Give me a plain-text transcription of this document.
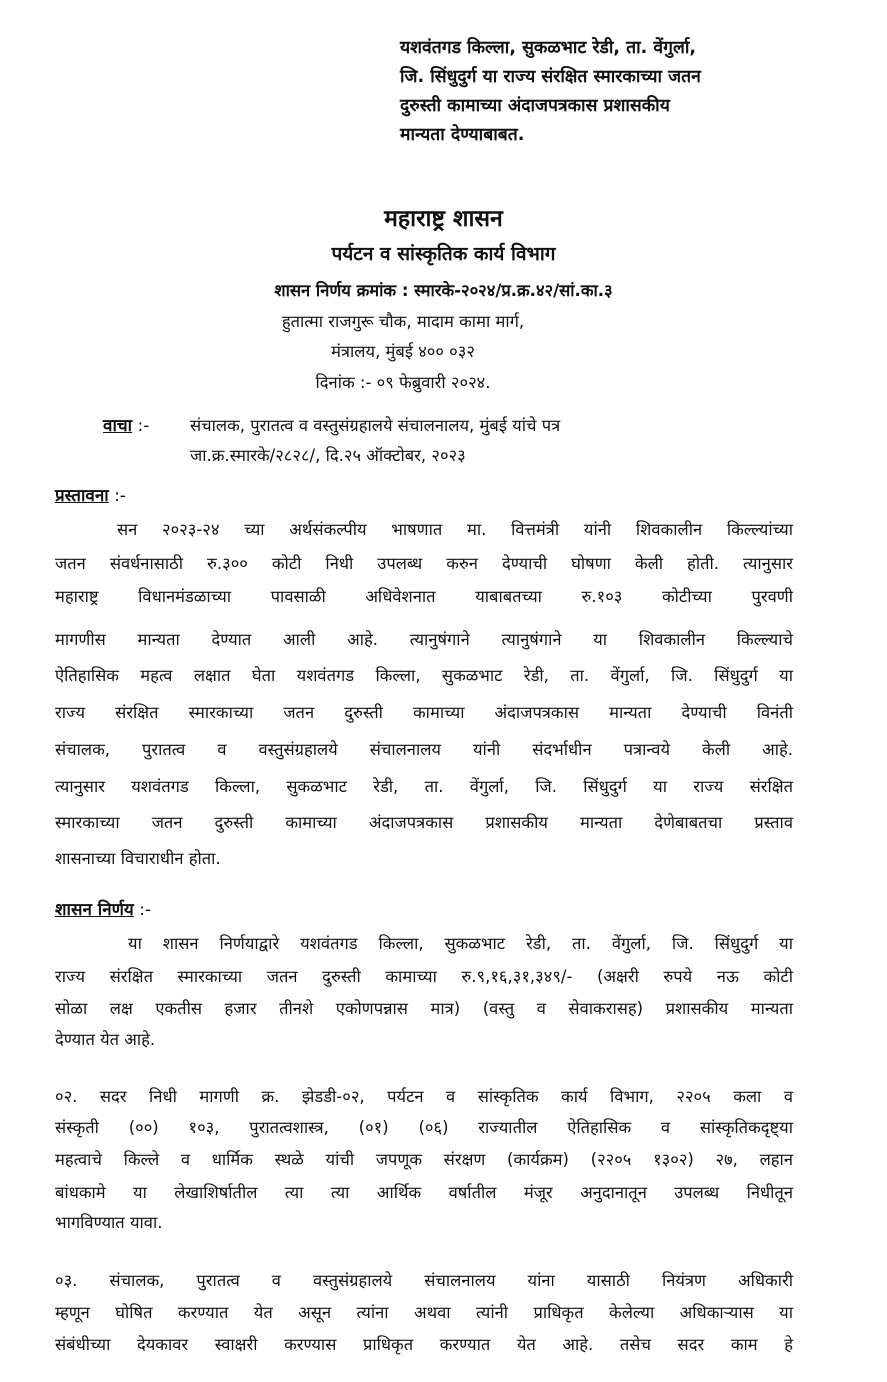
यशवंतगड किल्ला, सुकळभाट रेडी, ता. वेंगुर्ला,
जि. सिंधुदुर्ग या राज्य संरक्षित स्मारकाच्या जतन
दुरुस्ती कामाच्या अंदाजपत्रकास प्रशासकीय
मान्यता देण्याबाबत.
महाराष्ट्र शासन
पर्यटन व सांस्कृतिक कार्य विभाग
शासन निर्णय क्रमांक : स्मारके-२०२४/प्र.क्र.४२/सां.का.३
हुतात्मा राजगुरू चौक, मादाम कामा मार्ग,
मंत्रालय, मुंबई ४०० ०३२
दिनांक :- ०९ फेब्रुवारी २०२४.
वाचा :- संचालक, पुरातत्व व वस्तुसंग्रहालये संचालनालय, मुंबई यांचे पत्र
जा.क्र.स्मारके/२८२८/, दि.२५ ऑक्टोबर, २०२३
प्रस्तावना :-
सन २०२३-२४ च्या अर्थसंकल्पीय भाषणात मा. वित्तमंत्री यांनी शिवकालीन किल्ल्यांच्या
जतन संवर्धनासाठी रु.३०० कोटी निधी उपलब्ध करुन देण्याची घोषणा केली होती. त्यानुसार
महाराष्ट्र विधानमंडळाच्या पावसाळी अधिवेशनात याबाबतच्या रु.१०३ कोटीच्या पुरवणी
मागणीस मान्यता देण्यात आली आहे. त्यानुषंगाने त्यानुषंगाने या शिवकालीन किल्ल्याचे
ऐतिहासिक महत्व लक्षात घेता यशवंतगड किल्ला, सुकळभाट रेडी, ता. वेंगुर्ला, जि. सिंधुदुर्ग या
राज्य संरक्षित स्मारकाच्या जतन दुरुस्ती कामाच्या अंदाजपत्रकास मान्यता देण्याची विनंती
संचालक, पुरातत्व व वस्तुसंग्रहालये संचालनालय यांनी संदर्भाधीन पत्रान्वये केली आहे.
त्यानुसार यशवंतगड किल्ला, सुकळभाट रेडी, ता. वेंगुर्ला, जि. सिंधुदुर्ग या राज्य संरक्षित
स्मारकाच्या जतन दुरुस्ती कामाच्या अंदाजपत्रकास प्रशासकीय मान्यता देणेबाबतचा प्रस्ताव
शासनाच्या विचाराधीन होता.
शासन निर्णय :-
या शासन निर्णयाद्वारे यशवंतगड किल्ला, सुकळभाट रेडी, ता. वेंगुर्ला, जि. सिंधुदुर्ग या
राज्य संरक्षित स्मारकाच्या जतन दुरुस्ती कामाच्या रु.९,१६,३१,३४९/- (अक्षरी रुपये नऊ कोटी
सोळा लक्ष एकतीस हजार तीनशे एकोणपन्नास मात्र) (वस्तु व सेवाकरासह) प्रशासकीय मान्यता
देण्यात येत आहे.
०२. सदर निधी मागणी क्र. झेडडी-०२, पर्यटन व सांस्कृतिक कार्य विभाग, २२०५ कला व
संस्कृती (००) १०३, पुरातत्वशास्त्र, (०१) (०६) राज्यातील ऐतिहासिक व सांस्कृतिकदृष्ट्या
महत्वाचे किल्ले व धार्मिक स्थळे यांची जपणूक संरक्षण (कार्यक्रम) (२२०५ १३०२) २७, लहान
बांधकामे या लेखाशिर्षातील त्या त्या आर्थिक वर्षातील मंजूर अनुदानातून उपलब्ध निधीतून
भागविण्यात यावा.
०३. संचालक, पुरातत्व व वस्तुसंग्रहालये संचालनालय यांना यासाठी नियंत्रण अधिकारी
म्हणून घोषित करण्यात येत असून त्यांना अथवा त्यांनी प्राधिकृत केलेल्या अधिकाऱ्यास या
संबंधीच्या देयकावर स्वाक्षरी करण्यास प्राधिकृत करण्यात येत आहे. तसेच सदर काम हे
